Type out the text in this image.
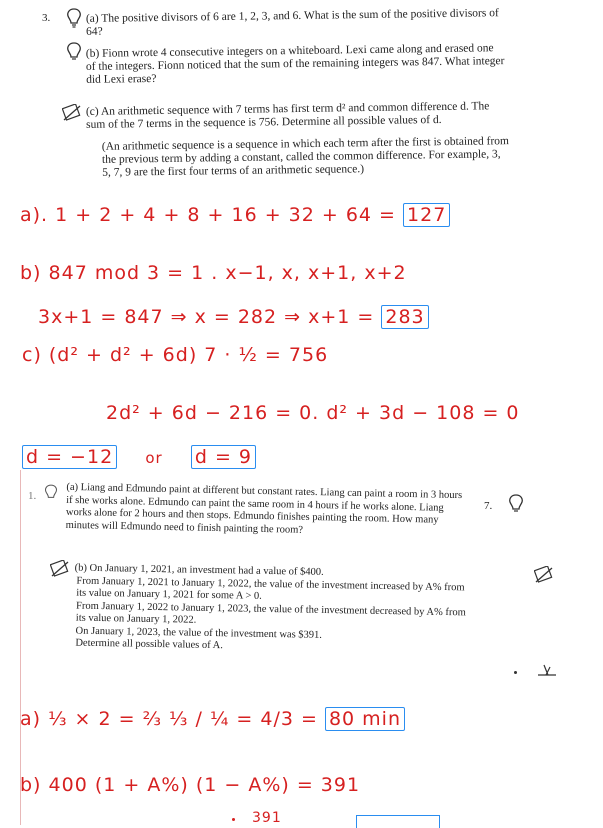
3.	(a) The positive divisors of 6 are 1, 2, 3, and 6. What is the sum of the positive divisors of 64?
(b) Fionn wrote 4 consecutive integers on a whiteboard. Lexi came along and erased one of the integers. Fionn noticed that the sum of the remaining integers was 847. What integer did Lexi erase?
(c) An arithmetic sequence with 7 terms has first term d² and common difference d. The sum of the 7 terms in the sequence is 756. Determine all possible values of d.
(An arithmetic sequence is a sequence in which each term after the first is obtained from the previous term by adding a constant, called the common difference. For example, 3, 5, 7, 9 are the first four terms of an arithmetic sequence.)
a). 1 + 2 + 4 + 8 + 16 + 32 + 64 = 127
b) 847 mod 3 = 1 . x−1, x, x+1, x+2
3x+1 = 847 ⇒ x = 282 ⇒ x+1 = 283
c) (d² + d² + 6d) 7 · ½ = 756
2d² + 6d − 216 = 0. d² + 3d − 108 = 0
d = −12 or d = 9
1.	(a) Liang and Edmundo paint at different but constant rates. Liang can paint a room in 3 hours if she works alone. Edmundo can paint the same room in 4 hours if he works alone. Liang works alone for 2 hours and then stops. Edmundo finishes painting the room. How many minutes will Edmundo need to finish painting the room?
7.
(b) On January 1, 2021, an investment had a value of $400.
From January 1, 2021 to January 1, 2022, the value of the investment increased by A% from its value on January 1, 2021 for some A > 0.
From January 1, 2022 to January 1, 2023, the value of the investment decreased by A% from its value on January 1, 2022.
On January 1, 2023, the value of the investment was $391.
Determine all possible values of A.
a) ⅓ × 2 = ⅔ ⅓ / ¼ = 4/3 = 80 min
b) 400 (1 + A%) (1 − A%) = 391
391
